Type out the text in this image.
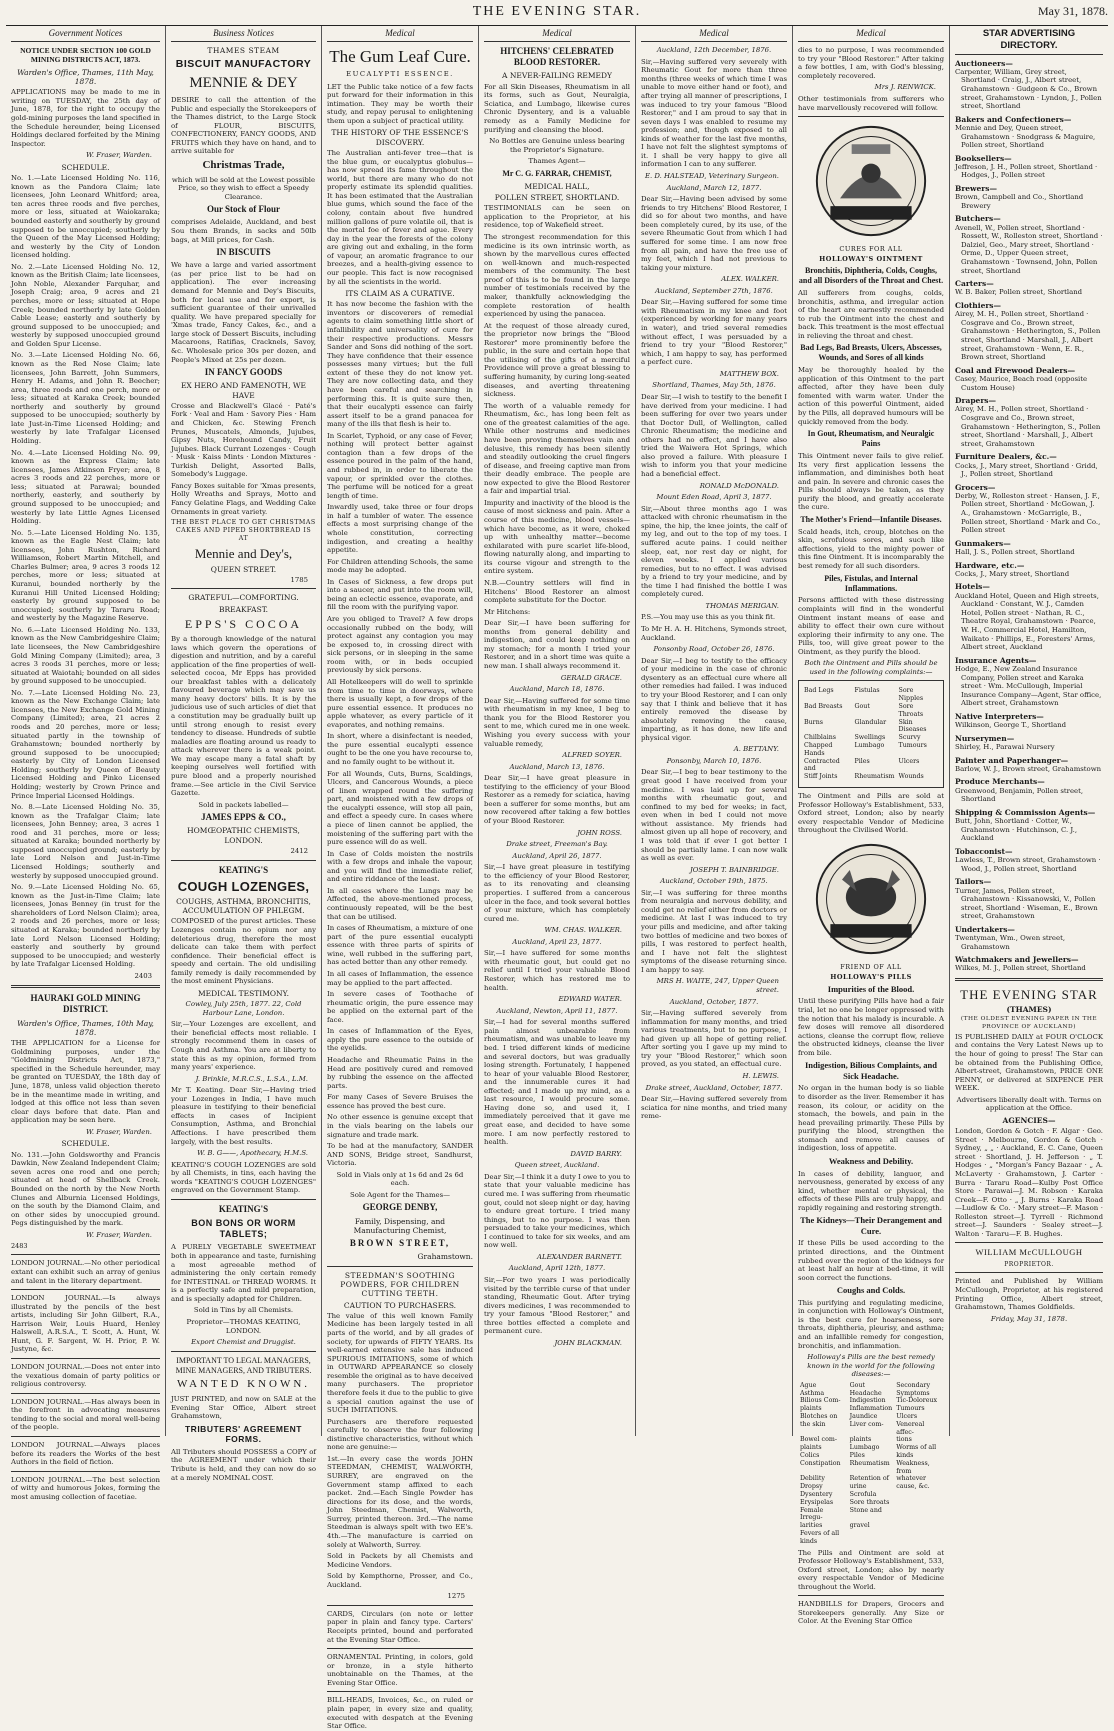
THE EVENING STAR.	May 31, 1878.
Government Notices
NOTICE UNDER SECTION 100 GOLD MINING DISTRICTS ACT, 1873.
Warden's Office, Thames, 11th May, 1878.

APPLICATIONS may be made to me in writing on TUESDAY, the 25th day of June, 1878, for the right to occupy the gold-mining purposes the land specified in the Schedule hereunder, being Licensed Holdings declared forfeited by the Mining Inspector.

W. Fraser, Warden.

SCHEDULE.

No. 1.—Late Licensed Holding No. 116, known as the Pandora Claim; late licensees, John Leonard Whitford; area, ten acres three roods and five perches, more or less, situated at Waiokaraka; bounded easterly and southerly by ground supposed to be unoccupied; southerly by the Queen of the May Licensed Holding; and westerly by the City of London licensed holding.

No. 2.—Late Licensed Holding No. 12, known as the British Claim; late licensees, John Noble, Alexander Farquhar, and Joseph Craig; area, 9 acres and 21 perches, more or less; situated at Hope Creek; bounded northerly by late Golden Cable Lease; easterly and southerly by ground supposed to be unoccupied; and westerly by supposed unoccupied ground and Golden Spur License.

No. 3.—Late Licensed Holding No. 66, known as the Red Nose Claim; late licensees, John Barrett, John Summers, Henry H. Adams, and John R. Beecher; area, three roods and one perch, more or less; situated at Karaka Creek; bounded northerly and southerly by ground supposed to be unoccupied; southerly by late Just-in-Time Licensed Holding; and westerly by late Trafalgar Licensed Holding.

No. 4.—Late Licensed Holding No. 99, known as the Express Claim; late licensees, James Atkinson Fryer; area, 8 acres 3 roods and 22 perches, more or less; situated at Parawai; bounded northerly, easterly, and southerly by ground supposed to be unoccupied; and westerly by late Little Agnes Licensed Holding.

No. 5.—Late Licensed Holding No. 135, known as the Eagle Nest Claim; late licensees, John Rushton, Richard Williamson, Robert Martin Mitchell, and Charles Bulmer; area, 9 acres 3 roods 12 perches, more or less; situated at Kuranui, bounded northerly by the Kuranui Hill United Licensed Holding; easterly by ground supposed to be unoccupied; southerly by Tararu Road; and westerly by the Magazine Reserve.

No. 6.—Late Licensed Holding No. 133, known as the New Cambridgeshire Claim; late licensees, the New Cambridgeshire Gold Mining Company (Limited); area, 3 acres 3 roods 31 perches, more or less; situated at Waiotahi; bounded on all sides by ground supposed to be unoccupied.

No. 7.—Late Licensed Holding No. 23, known as the New Exchange Claim; late licensees, the New Exchange Gold Mining Company (Limited); area, 21 acres 2 roods and 20 perches, more or less; situated partly in the township of Grahamstown; bounded northerly by ground supposed to be unoccupied; easterly by City of London Licensed Holding; southerly by Queen of Beauty Licensed Holding and Pinko Licensed Holding; westerly by Crown Prince and Prince Imperial Licensed Holdings.

No. 8.—Late Licensed Holding No. 35, known as the Trafalgar Claim; late licensees, John Benney; area, 3 acres 1 rood and 31 perches, more or less; situated at Karaka; bounded northerly by supposed unoccupied ground; easterly by late Lord Nelson and Just-in-Time Licensed Holdings; southerly and westerly by supposed unoccupied ground.

No. 9.—Late Licensed Holding No. 65, known as the Just-in-Time Claim; late licensees, Jonas Benney (in trust for the shareholders of Lord Nelson Claim); area, 2 roods and 26 perches, more or less; situated at Karaka; bounded northerly by late Lord Nelson Licensed Holding; easterly and southerly by ground supposed to be unoccupied; and westerly by late Trafalgar Licensed Holding.

2403

HAURAKI GOLD MINING DISTRICT.
Warden's Office, Thames, 10th May, 1878.

THE APPLICATION for a License for Goldmining purposes, under the "Goldmining Districts Act, 1873," specified in the Schedule hereunder, may be granted on TUESDAY, the 18th day of June, 1878, unless valid objection thereto be in the meantime made in writing, and lodged at this office not less than seven clear days before that date. Plan and application may be seen here.

W. Fraser, Warden.

SCHEDULE.

No. 131.—John Goldsworthy and Francis Dawkin, New Zealand Independent Claim; seven acres one rood and one perch; situated at head of Shellback Creek. Bounded on the north by the New North Clunes and Alburnia Licensed Holdings, on the south by the Diamond Claim, and on other sides by unoccupied ground. Pegs distinguished by the mark.

W. Fraser, Warden.

2483

LONDON JOURNAL.—No other periodical extant can exhibit such an array of genius and talent in the literary department.

LONDON JOURNAL.—Is always illustrated by the pencils of the best artists, including Sir John Gilbert, R.A., Harrison Weir, Louis Huard, Henley Halswell, A.R.S.A., T. Scott, A. Hunt, W. Hunt, G. F. Sargent, W. H. Prior, P. W. Justyne, &c.

LONDON JOURNAL.—Does not enter into the vexatious domain of party politics or religious controversy.

LONDON JOURNAL.—Has always been in the forefront in advocating measures tending to the social and moral well-being of the people.

LONDON JOURNAL.—Always places before its readers the Works of the best Authors in the field of fiction.

LONDON JOURNAL.—The best selection of witty and humorous Jokes, forming the most amusing collection of facetiae.

Business Notices
THAMES STEAM
BISCUIT MANUFACTORY
MENNIE & DEY

DESIRE to call the attention of the Public and especially the Storekeepers of the Thames district, to the Large Stock of FLOUR, BISCUITS, CONFECTIONERY, FANCY GOODS, AND FRUITS which they have on hand, and to arrive suitable for

Christmas Trade,

which will be sold at the Lowest possible Price, so they wish to effect a Speedy Clearance.

Our Stock of Flour

comprises Adelaide, Auckland, and best Sou them Brands, in sacks and 50lb bags, at Mill prices, for Cash.

IN BISCUITS

We have a large and varied assortment (as per price list to be had on application). The ever increasing demand for Mennie and Dey's Biscuits, both for local use and for export, is sufficient guarantee of their unrivalled quality. We have prepared specially for 'Xmas trade, Fancy Cakes, &c., and a large stock of Dessert Biscuits, including Macaroons, Ratifias, Cracknels, Savoy, &c. Wholesale price 30s per dozen, and People's Mixed at 25s per dozen.

IN FANCY GOODS
EX HERO AND FAMENOTH, WE HAVE

Crosse and Blackwell's Glacé · Paté's Fork · Veal and Ham · Savory Pies · Ham and Chicken, &c. Stewing French Prunes, Muscatels, Almonds, Jujubes, Gipsy Nuts, Horehound Candy, Fruit Jujubes. Black Currant Lozenges · Cough · Musk · Kaiss Mints · London Mixtures · Turkish Delight, Assorted Balls, Somebody's Luggage.

Fancy Boxes suitable for 'Xmas presents, Holly Wreaths and Sprays, Motto and Fancy Gelatine Flags, and Wedding Cake Ornaments in great variety.

THE BEST PLACE TO GET CHRISTMAS CAKES AND PIPED SHORTBREAD IS AT

Mennie and Dey's,
QUEEN STREET.

1785

GRATEFUL—COMFORTING.
BREAKFAST.
EPPS'S COCOA

By a thorough knowledge of the natural laws which govern the operations of digestion and nutrition, and by a careful application of the fine properties of well-selected cocoa, Mr Epps has provided our breakfast tables with a delicately flavoured beverage which may save us many heavy doctors' bills. It is by the judicious use of such articles of diet that a constitution may be gradually built up until strong enough to resist every tendency to disease. Hundreds of subtle maladies are floating around us ready to attack wherever there is a weak point. We may escape many a fatal shaft by keeping ourselves well fortified with pure blood and a properly nourished frame.—See article in the Civil Service Gazette.

Sold in packets labelled—

JAMES EPPS & CO.,
HOMŒOPATHIC CHEMISTS, LONDON.

2412

KEATING'S
COUGH LOZENGES,
COUGHS, ASTHMA, BRONCHITIS, ACCUMULATION OF PHLEGM.

COMPOSED of the purest articles. These Lozenges contain no opium nor any deleterious drug, therefore the most delicate can take them with perfect confidence. Their beneficial effect is speedy and certain. The old undisiling family remedy is daily recommended by the most eminent Physicians.

MEDICAL TESTIMONY.

Cowley, July 25th, 1877. 22, Cold Harbour Lane, London.

Sir,—Your Lozenges are excellent, and their beneficial effects most reliable. I strongly recommend them in cases of Cough and Asthma. You are at liberty to state this as my opinion, formed from many years' experience.

J. Brinkle, M.R.C.S., L.S.A., L.M.

Mr T. Keating. Dear Sir,—Having tried your Lozenges in India, I have much pleasure in testifying to their beneficial effects in cases of Incipient Consumption, Asthma, and Bronchial Affections. I have prescribed them largely, with the best results.

W. B. G——, Apothecary, H.M.S.

KEATING'S COUGH LOZENGES are sold by all Chemists, in tins, each having the words "KEATING'S COUGH LOZENGES" engraved on the Government Stamp.

KEATING'S
BON BONS OR WORM TABLETS;

A PURELY VEGETABLE SWEETMEAT both in appearance and taste, furnishing a most agreeable method of administering the only certain remedy for INTESTINAL or THREAD WORMS. It is a perfectly safe and mild preparation, and is specially adapted for Children.

Sold in Tins by all Chemists.

Proprietor—THOMAS KEATING, LONDON.

Export Chemist and Druggist.

IMPORTANT TO LEGAL MANAGERS, MINE MANAGERS, AND TRIBUTERS.
WANTED KNOWN.

JUST PRINTED, and now on SALE at the Evening Star Office, Albert street Grahamstown,

TRIBUTERS' AGREEMENT FORMS.

All Tributers should POSSESS a COPY of the AGREEMENT under which their Tribute is held, and they can now do so at a merely NOMINAL COST.

Medical
The Gum Leaf Cure.
EUCALYPTI ESSENCE.

LET the Public take notice of a few facts put forward for their information in this intimation. They may be worth their study, and repay perusal to enlightening them upon a subject of practical utility.

THE HISTORY OF THE ESSENCE'S DISCOVERY.

The Australian anti-fever tree—that is the blue gum, or eucalyptus globulus—has now spread its fame throughout the world, but there are many who do not properly estimate its splendid qualities. It has been estimated that the Australian blue gums, which sound the face of the colony, contain about five hundred million gallons of pure volatile oil, that is the mortal foe of fever and ague. Every day in the year the forests of the colony are giving out and exhaling, in the form of vapour, an aromatic fragrance to our breezes, and a health-giving essence to our people. This fact is now recognised by all the scientists in the world.

ITS CLAIM AS A CURATIVE.

It has now become the fashion with the inventors or discoverers of remedial agents to claim something little short of infallibility and universality of cure for their respective productions. Messrs Sander and Sons did nothing of the sort. They have confidence that their essence possesses many virtues; but the full extent of these they do not know yet. They are now collecting data, and they have been careful and searching in performing this. It is quite sure then, that their eucalypti essence can fairly assert itself to be a grand panacea for many of the ills that flesh is heir to.

In Scarlet, Typhoid, or any case of Fever, nothing will protect better against contagion than a few drops of the essence poured in the palm of the hand, and rubbed in, in order to liberate the vapour, or sprinkled over the clothes. The perfume will be noticed for a great length of time.

Inwardly used, take three or four drops in half a tumbler of water. The essence effects a most surprising change of the whole constitution, correcting indigestion, and creating a healthy appetite.

For Children attending Schools, the same mode may be adopted.

In Cases of Sickness, a few drops put into a saucer, and put into the room will, being an eclectic essence, evaporate, and fill the room with the purifying vapor.

Are you obliged to Travel? A few drops occasionally rubbed on the body, will protect against any contagion you may be exposed to, in crossing direct with sick persons, or in sleeping in the same room with, or in beds occupied previously by sick persons.

All Hotelkeepers will do well to sprinkle from time to time in doorways, where there is usually kept, a few drops of the pure essential essence. It produces no apple whatever, as every particle of it evaporates, and nothing remains.

In short, where a disinfectant is needed, the pure essential eucalypti essence ought to be the one you have recourse to, and no family ought to be without it.

For all Wounds, Cuts, Burns, Scaldings, Ulcers, and Cancerous Wounds, a piece of linen wrapped round the suffering part, and moistened with a few drops of the eucalypti essence, will stop all pain, and effect a speedy cure. In cases where a piece of linen cannot be applied, the moistening of the suffering part with the pure essence will do as well.

In Case of Colds moisten the nostrils with a few drops and inhale the vapour, and you will find the immediate relief, and entire riddance of the least.

In all cases where the Lungs may be Affected, the above-mentioned process, continuously repeated, will be the best that can be utilised.

In cases of Rheumatism, a mixture of one part of the pure essential eucalypti essence with three parts of spirits of wine, well rubbed in the suffering part, has acted better than any other remedy.

In all cases of Inflammation, the essence may be applied to the part affected.

In severe cases of Toothache of rheumatic origin, the pure essence may be applied on the external part of the face.

In cases of Inflammation of the Eyes, apply the pure essence to the outside of the eyelids.

Headache and Rheumatic Pains in the Head are positively cured and removed by rubbing the essence on the affected parts.

For many Cases of Severe Bruises the essence has proved the best cure.

No other essence is genuine except that in the vials bearing on the labels our signature and trade mark.

To be had at the manufactory, SANDER AND SONS, Bridge street, Sandhurst, Victoria.

Sold in Vials only at 1s 6d and 2s 6d each.

Sole Agent for the Thames—

GEORGE DENBY,
Family, Dispensing, and Manufacturing Chemist,
BROWN STREET,
Grahamstown.
STEEDMAN'S SOOTHING POWDERS, FOR CHILDREN CUTTING TEETH.
CAUTION TO PURCHASERS.

The value of this well known Family Medicine has been largely tested in all parts of the world, and by all grades of society, for upwards of FIFTY YEARS. Its well-earned extensive sale has induced SPURIOUS IMITATIONS, some of which in OUTWARD APPEARANCE so closely resemble the original as to have deceived many purchasers. The proprietor therefore feels it due to the public to give a special caution against the use of SUCH IMITATIONS.

Purchasers are therefore requested carefully to observe the four following distinctive characteristics, without which none are genuine:—

1st.—In every case the words JOHN STEEDMAN, CHEMIST, WALWORTH, SURREY, are engraved on the Government stamp affixed to each packet. 2nd.—Each Single Powder has directions for its dose, and the words, John Steedman, Chemist, Walworth, Surrey, printed thereon. 3rd.—The name Steedman is always spelt with two EE's. 4th.—The manufacture is carried on solely at Walworth, Surrey.

Sold in Packets by all Chemists and Medicine Vendors.

Sold by Kempthorne, Prosser, and Co., Auckland.

1275

CARDS, Circulars (on note or letter paper in plain and fancy type. Carters' Receipts printed, bound and perforated at the Evening Star Office.

ORNAMENTAL Printing, in colors, gold or bronze, in a style hitherto unobtainable on the Thames, at the Evening Star Office.

BILL-HEADS, Invoices, &c., on ruled or plain paper, in every size and quality, executed with despatch at the Evening Star Office.

Medical
HITCHENS' CELEBRATED BLOOD RESTORER.
A NEVER-FAILING REMEDY

For all Skin Diseases, Rheumatism in all its forms, such as Gout, Neuralgia, Sciatica, and Lumbago, likewise cures Chronic Dysentery, and is a valuable remedy as a Family Medicine for purifying and cleansing the blood.

No Bottles are Genuine unless bearing the Proprietor's Signature.

Thames Agent—

Mr C. G. FARRAR, CHEMIST,
MEDICAL HALL,
POLLEN STREET, SHORTLAND.

TESTIMONIALS can be seen on application to the Proprietor, at his residence, top of Wakefield street.

The strongest recommendation for this medicine is its own intrinsic worth, as shown by the marvellous cures effected on well-known and much-respected members of the community. The best proof of this is to be found in the large number of testimonials received by the maker, thankfully acknowledging the complete restoration of health experienced by using the panacea.

At the request of those already cured, the proprietor now brings the "Blood Restorer" more prominently before the public, in the sure and certain hope that the utilising of the gifts of a merciful Providence will prove a great blessing to suffering humanity, by curing long-seated diseases, and averting threatening sickness.

The worth of a valuable remedy for Rheumatism, &c., has long been felt as one of the greatest calamities of the age. While other nostrums and medicines have been proving themselves vain and delusive, this remedy has been silently and steadily outlooking the cruel fingers of disease, and freeing captive man from their deadly embrace. The people are now expected to give the Blood Restorer a fair and impartial trial.

Impurity and inactivity of the blood is the cause of most sickness and pain. After a course of this medicine, blood vessels—which have become, as it were, choked up with unhealthy matter—become exhilarated with pure scarlet life-blood, flowing naturally along, and imparting to its course vigour and strength to the entire system.

N.B.—Country settlers will find in Hitchens' Blood Restorer an almost complete substitute for the Doctor.

Mr Hitchens:

Dear Sir,—I have been suffering for months from general debility and indigestion, and could keep nothing on my stomach; for a month I tried your Restorer, and in a short time was quite a new man. I shall always recommend it.

GERALD GRACE.

Auckland, March 18, 1876.

Dear Sir,—Having suffered for some time with rheumatism in my knee, I beg to thank you for the Blood Restorer you sent to me, which cured me in one week. Wishing you every success with your valuable remedy,

ALFRED SOYER.

Auckland, March 13, 1876.

Dear Sir,—I have great pleasure in testifying to the efficiency of your Blood Restorer as a remedy for sciatica, having been a sufferer for some months, but am now recovered after taking a few bottles of your Blood Restorer.

JOHN ROSS.

Drake street, Freeman's Bay.

Auckland, April 26, 1877.

Sir,—I have great pleasure in testifying to the efficiency of your Blood Restorer, as to its renovating and cleansing properties. I suffered from a cancerous ulcer in the face, and took several bottles of your mixture, which has completely cured me.

WM. CHAS. WALKER.

Auckland, April 23, 1877.

Sir,—I have suffered for some months with rheumatic gout, but could get no relief until I tried your valuable Blood Restorer, which has restored me to health.

EDWARD WATER.

Auckland, Newton, April 11, 1877.

Sir,—I had for several months suffered pain almost unbearable from rheumatism, and was unable to leave my bed. I tried different kinds of medicine and several doctors, but was gradually losing strength. Fortunately, I happened to hear of your valuable Blood Restorer, and the innumerable cures it had effected; and I made up my mind, as a last resource, I would procure some. Having done so, and used it, I immediately perceived that it gave me great ease, and decided to have some more. I am now perfectly restored to health.

DAVID BARRY.

Queen street, Auckland.

Dear Sir,—I think it a duty I owe to you to state that your valuable medicine has cured me. I was suffering from rheumatic gout, could not sleep night or day, having to endure great torture. I tried many things, but to no purpose. I was then persuaded to take your medicines, which I continued to take for six weeks, and am now well.

ALEXANDER BARNETT.

Auckland, April 12th, 1877.

Sir,—For two years I was periodically visited by the terrible curse of that under standing, Rheumatic Gout. After trying divers medicines, I was recommended to try your famous "Blood Restorer," and three bottles effected a complete and permanent cure.

JOHN BLACKMAN.

Medical

Auckland, 12th December, 1876.

Sir,—Having suffered very severely with Rheumatic Gout for more than three months (three weeks of which time I was unable to move either hand or foot), and after trying all manner of prescriptions, I was induced to try your famous "Blood Restorer," and I am proud to say that in seven days I was enabled to resume my profession; and, though exposed to all kinds of weather for the last five months, I have not felt the slightest symptoms of it. I shall be very happy to give all information I can to any sufferer.

E. D. HALSTEAD, Veterinary Surgeon.

Auckland, March 12, 1877.

Dear Sir,—Having been advised by some friends to try Hitchens' Blood Restorer, I did so for about two months, and have been completely cured, by its use, of the severe Rheumatic Gout from which I had suffered for some time. I am now free from all pain, and have the free use of my feet, which I had not previous to taking your mixture.

ALEX. WALKER.

Auckland, September 27th, 1876.

Dear Sir,—Having suffered for some time with Rheumatism in my knee and foot (experienced by working for many years in water), and tried several remedies without effect, I was persuaded by a friend to try your "Blood Restorer," which, I am happy to say, has performed a perfect cure.

MATTHEW BOX.

Shortland, Thames, May 5th, 1876.

Dear Sir,—I wish to testify to the benefit I have derived from your medicine. I had been suffering for over two years under that Doctor Dull, of Wellington, called Chronic Rheumatism; the medicine and others had no effect, and I have also tried the Waiwera Hot Springs, which also proved a failure. With pleasure I wish to inform you that your medicine had a beneficial effect.

RONALD McDONALD.

Mount Eden Road, April 3, 1877.

Sir,—About three months ago I was attacked with chronic rheumatism in the spine, the hip, the knee joints, the calf of my leg, and out to the top of my toes. I suffered acute pains. I could neither sleep, eat, nor rest day or night, for eleven weeks. I applied various remedies, but to no effect. I was advised by a friend to try your medicine, and by the time I had finished the bottle I was completely cured.

THOMAS MERIGAN.

P.S.—You may use this as you think fit.

To Mr H. A. H. Hitchens, Symonds street, Auckland.

Ponsonby Road, October 26, 1876.

Dear Sir,—I beg to testify to the efficacy of your medicine in the case of chronic dysentery as an effectual cure where all other remedies had failed. I was induced to try your Blood Restorer, and I can only say that I think and believe that it has entirely removed the disease by absolutely removing the cause, imparting, as it has done, new life and physical vigor.

A. BETTANY.

Ponsonby, March 10, 1876.

Dear Sir,—I beg to bear testimony to the great good I have received from your medicine. I was laid up for several months with rheumatic gout, and confined to my bed for weeks; in fact, even when in bed I could not move without assistance. My friends had almost given up all hope of recovery, and I was told that if ever I got better I should be partially lame. I can now walk as well as ever.

JOSEPH T. BAINBRIDGE.

Auckland, October 19th, 1875.

Sir,—I was suffering for three months from neuralgia and nervous debility, and could get no relief either from doctors or medicine. At last I was induced to try your pills and medicine, and after taking two bottles of medicine and two boxes of pills, I was restored to perfect health, and I have not felt the slightest symptoms of the disease returning since. I am happy to say.

MRS H. WAITE, 247, Upper Queen street.

Auckland, October, 1877.

Sir,—Having suffered severely from inflammation for many months, and tried various treatments, but to no purpose, I had given up all hope of getting relief. After sorting you I gave up my mind to try your "Blood Restorer," which soon proved, as you stated, an effectual cure.

H. LEWIS.

Drake street, Auckland, October, 1877.

Dear Sir,—Having suffered severely from sciatica for nine months, and tried many reme-

Medical

dies to no purpose, I was recommended to try your "Blood Restorer." After taking a few bottles, I am, with God's blessing, completely recovered.

Mrs J. RENWICK.

Other testimonials from sufferers who have marvellously recovered will follow.

CURES FOR ALL
HOLLOWAY'S OINTMENT
Bronchitis, Diphtheria, Colds, Coughs, and all Disorders of the Throat and Chest.

All sufferers from coughs, colds, bronchitis, asthma, and irregular action of the heart are earnestly recommended to rub the Ointment into the chest and back. This treatment is the most effectual in relieving the throat and chest.

Bad Legs, Bad Breasts, Ulcers, Abscesses, Wounds, and Sores of all kinds

May be thoroughly healed by the application of this Ointment to the part affected, after they have been duly fomented with warm water. Under the action of this powerful Ointment, aided by the Pills, all depraved humours will be quickly removed from the body.

In Gout, Rheumatism, and Neuralgic Pains

This Ointment never fails to give relief. Its very first application lessens the inflammation, and diminishes both heat and pain. In severe and chronic cases the Pills should always be taken, as they purify the blood, and greatly accelerate the cure.

The Mother's Friend—Infantile Diseases.

Scald heads, itch, croup, blotches on the skin, scrofulous sores, and such like affections, yield to the mighty power of this fine Ointment. It is incomparably the best remedy for all such disorders.

Piles, Fistulas, and Internal Inflammations.

Persons afflicted with these distressing complaints will find in the wonderful Ointment instant means of ease and ability to effect their own cure without exploring their infirmity to any one. The Pills, too, will give great power to the Ointment, as they purify the blood.

Both the Ointment and Pills should be used in the following complaints:—

Bad Legs	Fistulas	Sore Nipples
Bad Breasts	Gout	Sore Throats
Burns	Glandular	Skin Diseases
Chilblains	Swellings	Scurvy
Chapped Hands	Lumbago	Tumours
Contracted and	Piles	Ulcers
Stiff Joints	Rheumatism	Wounds

The Ointment and Pills are sold at Professor Holloway's Establishment, 533, Oxford street, London; also by nearly every respectable Vendor of Medicine throughout the Civilised World.

FRIEND OF ALL
HOLLOWAY'S PILLS
Impurities of the Blood.

Until these purifying Pills have had a fair trial, let no one be longer oppressed with the notion that his malady is incurable. A few doses will remove all disordered actions, cleanse the corrupt flow, relieve the obstructed kidneys, cleanse the liver from bile.

Indigestion, Bilious Complaints, and Sick Headache.

No organ in the human body is so liable to disorder as the liver. Remember it has reason, its colour, or acidity on the stomach, the bowels, and pain in the head prevailing primarily. These Pills by purifying the blood, strengthen the stomach and remove all causes of indigestion, loss of appetite.

Weakness and Debility.

In cases of debility, languor, and nervousness, generated by excess of any kind, whether mental or physical, the effects of these Pills are truly happy, and rapidly regaining and restoring strength.

The Kidneys—Their Derangement and Cure.

If these Pills be used according to the printed directions, and the Ointment rubbed over the region of the kidneys for at least half an hour at bed-time, it will soon correct the functions.

Coughs and Colds.

This purifying and regulating medicine, in conjunction with Holloway's Ointment, is the best cure for hoarseness, sore throats, diphtheria, pleurisy, and asthma; and an infallible remedy for congestion, bronchitis, and inflammation.

Holloway's Pills are the best remedy known in the world for the following diseases:—

Ague	Gout	Secondary
Asthma	Headache	Symptoms
Bilious Com-	Indigestion	Tic-Doloreux
plaints	Inflammation	Tumours
Blotches on	Jaundice	Ulcers
the skin	Liver com-	Venereal affec-
Bowel com-	plaints	tions
plaints	Lumbago	Worms of all
Colics	Piles	kinds
Constipation	Rheumatism	Weakness, from
Debility	Retention of	whatever
Dropsy	urine	cause, &c.
Dysentery	Scrofula	
Erysipelas	Sore throats	
Female Irregu-	Stone and	
larities	gravel	
Fevers of all		
kinds		

The Pills and Ointment are sold at Professor Holloway's Establishment, 533, Oxford street, London; also by nearly every respectable Vendor of Medicine throughout the World.

HANDBILLS for Drapers, Grocers and Storekeepers generally. Any Size or Color. At the Evening Star Office

STAR ADVERTISING DIRECTORY.
Auctioneers—
Carpenter, William, Grey street, Shortland · Craig, J., Albert street, Grahamstown · Gudgeon & Co., Brown street, Grahamstown · Lyndon, J., Pollen street, Shortland
Bakers and Confectioners—
Mennie and Dey, Queen street, Grahamstown · Snodgrass & Maguire, Pollen street, Shortland
Booksellers—
Jeffreson, J. H., Pollen street, Shortland · Hodges, J., Pollen street
Brewers—
Brown, Campbell and Co., Shortland Brewery
Butchers—
Avenell, W., Pollen street, Shortland · Rossett, W., Rolleston street, Shortland · Dalziel, Geo., Mary street, Shortland · Orme, D., Upper Queen street, Grahamstown · Townsend, John, Pollen street, Shortland
Carters—
W. B. Baker, Pollen street, Shortland
Clothiers—
Airey, M. H., Pollen street, Shortland · Cosgrave and Co., Brown street, Grahamstown · Hetherington, S., Pollen street, Shortland · Marshall, J., Albert street, Grahamstown · Wenn, E. R., Brown street, Shortland
Coal and Firewood Dealers—
Casey, Maurice, Beach road (opposite Custom House)
Drapers—
Airey, M. H., Pollen street, Shortland · Cosgrave and Co., Brown street, Grahamstown · Hetherington, S., Pollen street, Shortland · Marshall, J., Albert street, Grahamstown
Furniture Dealers, &c.—
Cocks, J., Mary street, Shortland · Gridd, J., Pollen street, Shortland
Grocers—
Derby, W., Rolleston street · Hansen, J. F., Pollen street, Shortland · McGowan, J. A., Grahamstown · McGarrigle, B., Pollen street, Shortland · Mark and Co., Pollen street
Gunmakers—
Hall, J. S., Pollen street, Shortland
Hardware, etc.—
Cocks, J., Mary street, Shortland
Hotels—
Auckland Hotel, Queen and High streets, Auckland · Constant, W. J., Camden Hotel, Pollen street · Nathan, R. C., Theatre Royal, Grahamstown · Pearce, W. H., Commercial Hotel, Hamilton, Waikato · Phillips, E., Foresters' Arms, Albert street, Auckland
Insurance Agents—
Hodge, E., New Zealand Insurance Company, Pollen street and Karaka street · Wm. McCullough, Imperial Insurance Company—Agent, Star office, Albert street, Grahamstown
Native Interpreters—
Wilkinson, George T., Shortland
Nurserymen—
Shirley, H., Parawai Nursery
Painter and Paperhanger—
Barlow, W. J., Brown street, Grahamstown
Produce Merchants—
Greenwood, Benjamin, Pollen street, Shortland
Shipping & Commission Agents—
Butt, John, Shortland · Cotter, W., Grahamstown · Hutchinson, C. J., Auckland
Tobacconist—
Lawless, T., Brown street, Grahamstown · Wood, J., Pollen street, Shortland
Tailors—
Turner, James, Pollen street, Grahamstown · Kissanowski, V., Pollen street, Shortland · Wiseman, E., Brown street, Grahamstown
Undertakers—
Twentyman, Wm., Owen street, Grahamstown
Watchmakers and Jewellers—
Wilkes, M. J., Pollen street, Shortland
THE EVENING STAR
(THAMES)
(THE OLDEST EVENING PAPER IN THE PROVINCE OF AUCKLAND)

IS PUBLISHED DAILY at FOUR O'CLOCK and contains the Very Latest News up to the hour of going to press! The Star can be obtained from the Publishing Office, Albert-street, Grahamstown, PRICE ONE PENNY, or delivered at SIXPENCE PER WEEK.

Advertisers liberally dealt with. Terms on application at the Office.

AGENCIES—

London, Gordon & Gotch · F. Algar · Geo. Street · Melbourne, Gordon & Gotch · Sydney, „ „ · Auckland, E. C. Cane, Queen street · Shortland, J. H. Jefferson · „ T. Hodges · „ "Morgan's Fancy Bazaar · „ A. McLaverty · Grahamstown, J. Carter · Burra · Tararu Road—Kulby Post Office Store · Parawai—J. M. Robson · Karaka Creek—F. Otto · „ J. Burns · Karaka Road—Ludlow & Co. · Mary street—F. Mason · Rolleston street—J. Tyrrell · Richmond street—J. Saunders · Sealey street—J. Walton · Tararu—F. B. Hughes.

WILLIAM McCULLOUGH
PROPRIETOR.

Printed and Published by William McCullough, Proprietor, at his registered Printing Office, Albert street, Grahamstown, Thames Goldfields.

Friday, May 31, 1878.
